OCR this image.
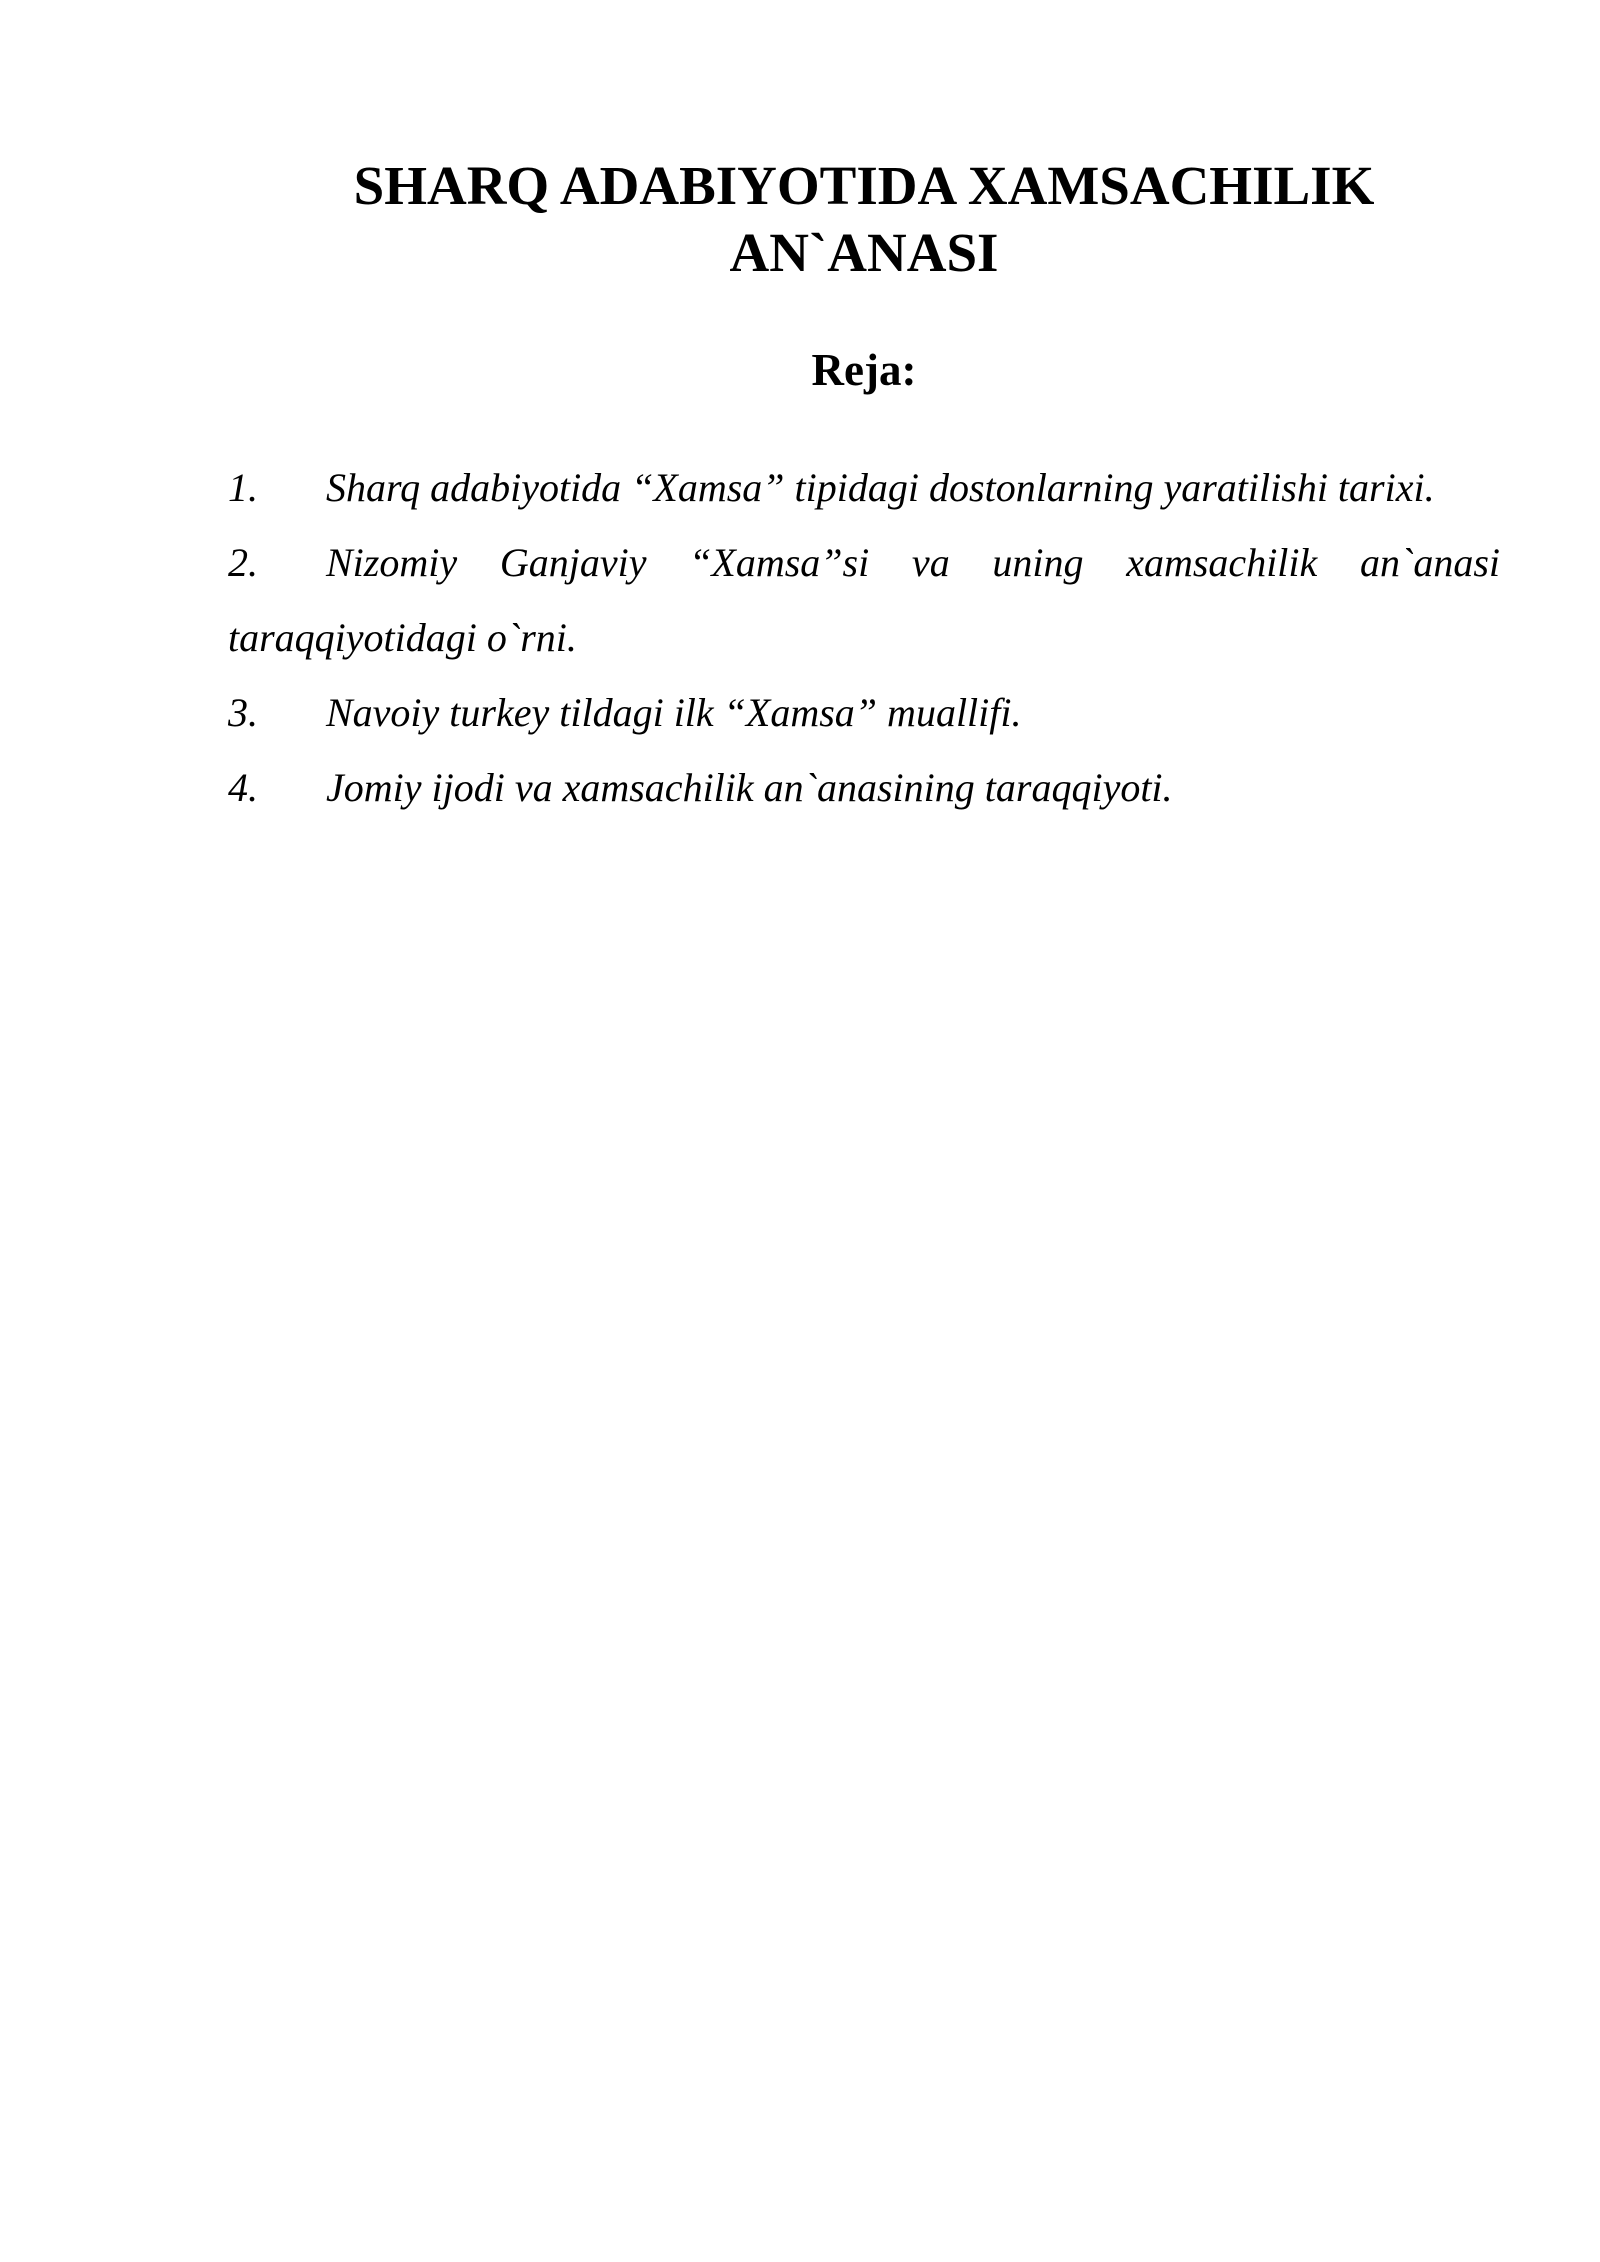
SHARQ ADABIYOTIDA XAMSACHILIK
AN`ANASI
Reja:
1. Sharq adabiyotida “Xamsa” tipidagi dostonlarning yaratilishi tarixi.
2. Nizomiy Ganjaviy “Xamsa”si va uning xamsachilik an`anasi taraqqiyotidagi o`rni.
3. Navoiy turkey tildagi ilk “Xamsa” muallifi.
4. Jomiy ijodi va xamsachilik an`anasining taraqqiyoti.
